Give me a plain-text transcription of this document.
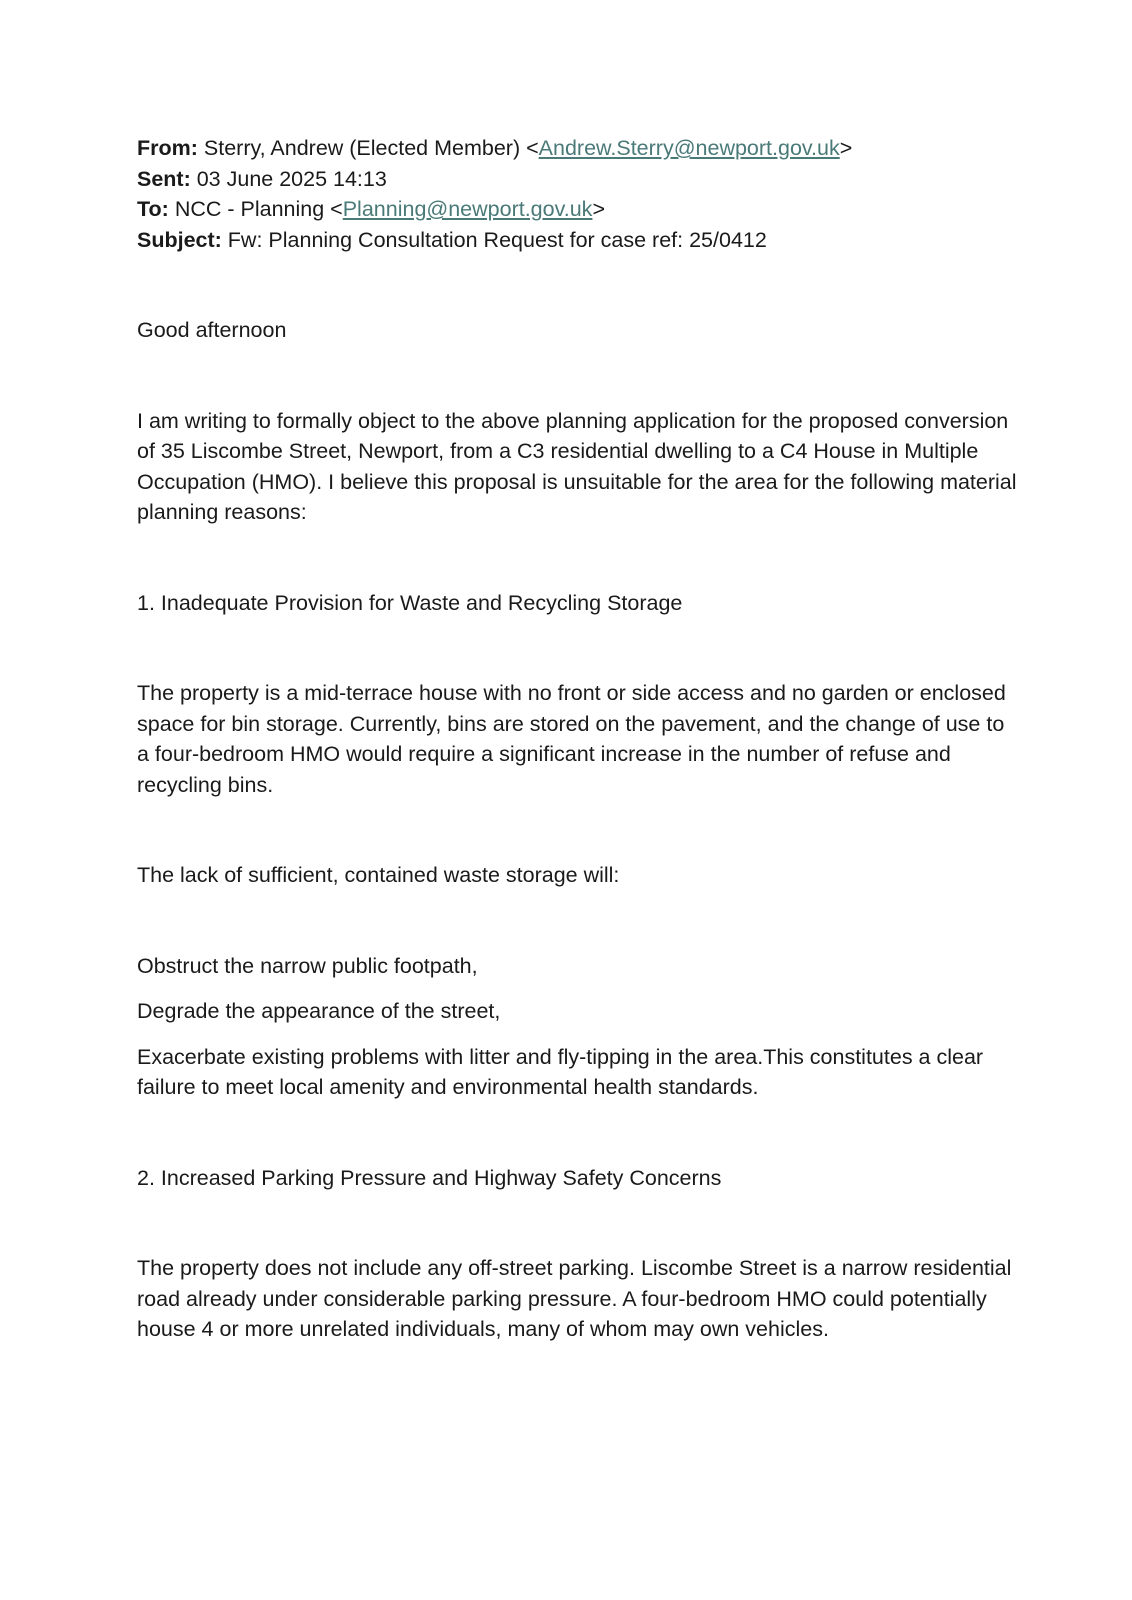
From: Sterry, Andrew (Elected Member) <Andrew.Sterry@newport.gov.uk>

Sent: 03 June 2025 14:13

To: NCC - Planning <Planning@newport.gov.uk>

Subject: Fw: Planning Consultation Request for case ref: 25/0412

Good afternoon

I am writing to formally object to the above planning application for the proposed conversion of 35 Liscombe Street, Newport, from a C3 residential dwelling to a C4 House in Multiple Occupation (HMO). I believe this proposal is unsuitable for the area for the following material planning reasons:

1. Inadequate Provision for Waste and Recycling Storage

The property is a mid-terrace house with no front or side access and no garden or enclosed space for bin storage. Currently, bins are stored on the pavement, and the change of use to a four-bedroom HMO would require a significant increase in the number of refuse and recycling bins.

The lack of sufficient, contained waste storage will:

Obstruct the narrow public footpath,
Degrade the appearance of the street,
Exacerbate existing problems with litter and fly-tipping in the area.This constitutes a clear failure to meet local amenity and environmental health standards.

2. Increased Parking Pressure and Highway Safety Concerns

The property does not include any off-street parking. Liscombe Street is a narrow residential road already under considerable parking pressure. A four-bedroom HMO could potentially house 4 or more unrelated individuals, many of whom may own vehicles.
